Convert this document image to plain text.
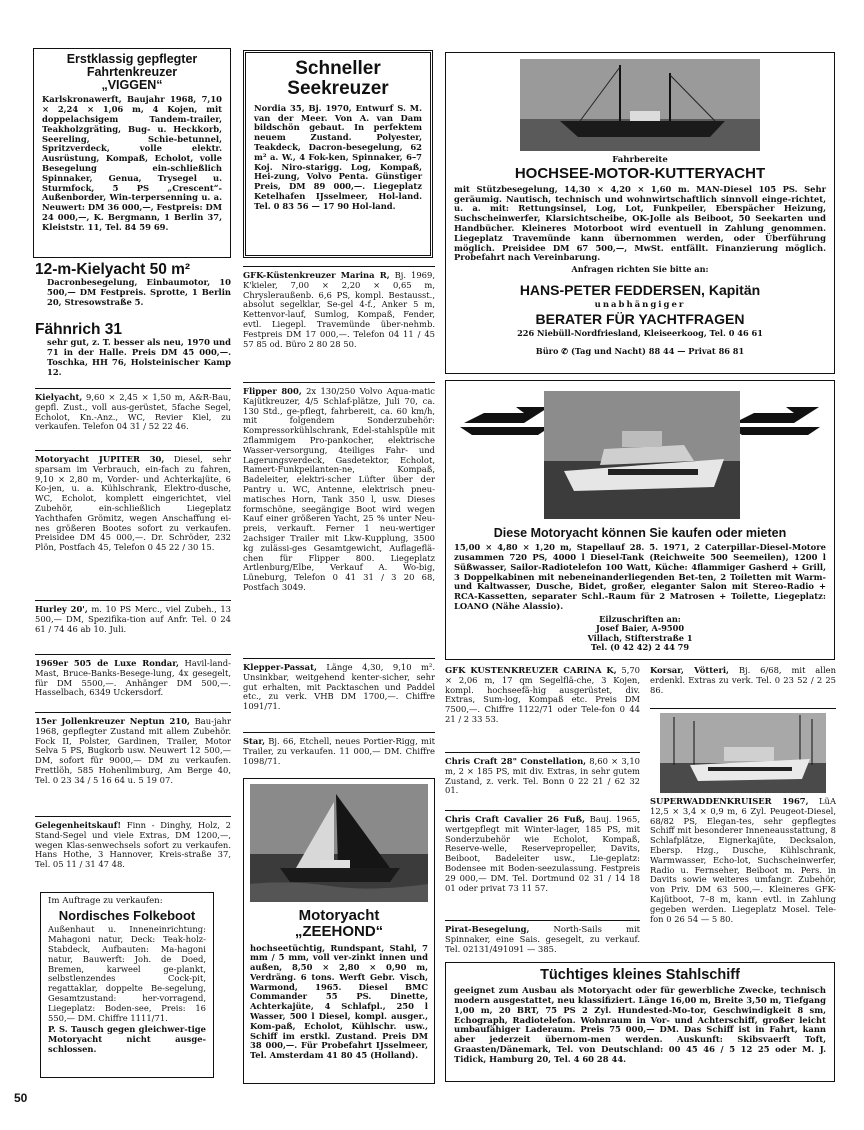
Erstklassig gepflegter

Fahrtenkreuzer

„VIGGEN“

Karlskronawerft, Baujahr 1968, 7,10 × 2,24 × 1,06 m, 4 Kojen, mit doppelachsigem Tandem-trailer, Teakholzgräting, Bug- u. Heckkorb, Seereling, Schie-betunnel, Spritzverdeck, volle elektr. Ausrüstung, Kompaß, Echolot, volle Besegelung ein-schließlich Spinnaker, Genua, Trysegel u. Sturmfock, 5 PS „Crescent“-Außenborder, Win-terpersenning u. a. Neuwert: DM 36 000,—, Festpreis: DM 24 000,—, K. Bergmann, 1 Berlin 37, Kleiststr. 11, Tel. 84 59 69.

12-m-Kielyacht 50 m²

Dacronbesegelung, Einbaumotor, 10 500,— DM Festpreis. Sprotte, 1 Berlin 20, Stresowstraße 5.

Fähnrich 31

sehr gut, z. T. besser als neu, 1970 und 71 in der Halle. Preis DM 45 000,—. Toschka, HH 76, Holsteinischer Kamp 12.

Kielyacht, 9,60 × 2,45 × 1,50 m, A&R-Bau, gepfl. Zust., voll aus-gerüstet, 5fache Segel, Echolot, Kn.-Anz., WC, Revier Kiel, zu verkaufen. Telefon 04 31 / 52 22 46.

Motoryacht JUPITER 30, Diesel, sehr sparsam im Verbrauch, ein-fach zu fahren, 9,10 × 2,80 m, Vorder- und Achterkajüte, 6 Ko-jen, u. a. Kühlschrank, Elektro-dusche, WC, Echolot, komplett eingerichtet, viel Zubehör, ein-schließlich Liegeplatz Yachthafen Grömitz, wegen Anschaffung ei-nes größeren Bootes sofort zu verkaufen. Preisidee DM 45 000,—. Dr. Schröder, 232 Plön, Postfach 45, Telefon 0 45 22 / 30 15.

Hurley 20', m. 10 PS Merc., viel Zubeh., 13 500,— DM, Spezifika-tion auf Anfr. Tel. 0 24 61 / 74 46 ab 10. Juli.

1969er 505 de Luxe Rondar, Havil-land-Mast, Bruce-Banks-Besege-lung, 4x gesegelt, für DM 5500,—. Anhänger DM 500,—. Hasselbach, 6349 Uckersdorf.

15er Jollenkreuzer Neptun 210, Bau-jahr 1968, gepflegter Zustand mit allem Zubehör. Fock II, Polster, Gardinen, Trailer, Motor Selva 5 PS, Bugkorb usw. Neuwert 12 500,— DM, sofort für 9000,— DM zu verkaufen. Frettlöh, 585 Hohenlimburg, Am Berge 40, Tel. 0 23 34 / 5 16 64 u. 5 19 07.

Gelegenheitskauf! Finn - Dinghy, Holz, 2 Stand-Segel und viele Extras, DM 1200,—, wegen Klas-senwechsels sofort zu verkaufen. Hans Hothe, 3 Hannover, Kreis-straße 37, Tel. 05 11 / 31 47 48.

Im Auftrage zu verkaufen:

Nordisches Folkeboot

Außenhaut u. Inneneinrichtung: Mahagoni natur, Deck: Teak-holz-Stabdeck, Aufbauten: Ma-hagoni natur, Bauwerft: Joh. de Doed, Bremen, karweel ge-plankt, selbstlenzendes Cock-pit, regattaklar, doppelte Be-segelung, Gesamtzustand: her-vorragend, Liegeplatz: Boden-see, Preis: 16 550,— DM. Chiffre 1111/71.

P. S. Tausch gegen gleichwer-tige Motoryacht nicht ausge-schlossen.

50

Schneller

Seekreuzer

Nordia 35, Bj. 1970, Entwurf S. M. van der Meer. Von A. van Dam bildschön gebaut. In perfektem neuem Zustand. Polyester, Teakdeck, Dacron-besegelung, 62 m² a. W., 4 Fok-ken, Spinnaker, 6–7 Koj. Niro-starigg. Log, Kompaß, Hei-zung, Volvo Penta. Günstiger Preis, DM 89 000,—. Liegeplatz Ketelhafen IJsselmeer, Hol-land. Tel. 0 83 56 — 17 90 Hol-land.

GFK-Küstenkreuzer Marina R, Bj. 1969, K'kieler, 7,00 × 2,20 × 0,65 m, Chryslerаußenb. 6,6 PS, kompl. Bestausst., absolut segelklar, Se-gel 4-f., Anker 5 m, Kettenvor-lauf, Sumlog, Kompaß, Fender, evtl. Liegepl. Travemünde über-nehmb. Festpreis DM 17 000,—. Telefon 04 11 / 45 57 85 od. Büro 2 80 28 50.

Flipper 800, 2x 130/250 Volvo Aqua-matic Kajütkreuzer, 4/5 Schlaf-plätze, Juli 70, ca. 130 Std., ge-pflegt, fahrbereit, ca. 60 km/h, mit folgendem Sonderzubehör: Kompressorkühlschrank, Edel-stahlspüle mit 2flammigem Pro-pankocher, elektrische Wasser-versorgung, 4teiliges Fahr- und Lagerungsverdeck, Gasdetektor, Echolot, Ramert-Funkpeilanten-ne, Kompaß, Badeleiter, elektri-scher Lüfter über der Pantry u. WC, Antenne, elektrisch pneu-matisches Horn, Tank 350 l, usw. Dieses formschöne, seegängige Boot wird wegen Kauf einer größeren Yacht, 25 % unter Neu-preis, verkauft. Ferner 1 neu-wertiger 2achsiger Trailer mit Lkw-Kupplung, 3500 kg zulässi-ges Gesamtgewicht, Auflageflä-chen für Flipper 800. Liegeplatz Artlenburg/Elbe, Verkauf A. Wo-big, Lüneburg, Telefon 0 41 31 / 3 20 68, Postfach 3049.

Klepper-Passat, Länge 4,30, 9,10 m². Unsinkbar, weitgehend kenter-sicher, sehr gut erhalten, mit Packtaschen und Paddel etc., zu verk. VHB DM 1700,—. Chiffre 1091/71.

Star, Bj. 66, Etchell, neues Portier-Rigg, mit Trailer, zu verkaufen. 11 000,— DM. Chiffre 1098/71.

Motoryacht

„ZEEHOND“

hochseetüchtig, Rundspant, Stahl, 7 mm / 5 mm, voll ver-zinkt innen und außen, 8,50 × 2,80 × 0,90 m, Verdräng. 6 tons. Werft Gebr. Visch, Warmond, 1965. Diesel BMC Commander 55 PS. Dinette, Achterkajüte, 4 Schlafpl., 250 l Wasser, 500 l Diesel, kompl. ausger., Kom-paß, Echolot, Kühlschr. usw., Schiff im erstkl. Zustand. Preis DM 38 000,—. Für Probefahrt IJsselmeer, Tel. Amsterdam 41 80 45 (Holland).

Fahrbereite

HOCHSEE-MOTOR-KUTTERYACHT

mit Stützbesegelung, 14,30 × 4,20 × 1,60 m. MAN-Diesel 105 PS. Sehr geräumig. Nautisch, technisch und wohnwirtschaftlich sinnvoll einge-richtet, u. a. mit: Rettungsinsel, Log, Lot, Funkpeiler, Eberspächer Heizung, Suchscheinwerfer, Klarsichtscheibe, OK-Jolle als Beiboot, 50 Seekarten und Handbücher. Kleineres Motorboot wird eventuell in Zahlung genommen. Liegeplatz Travemünde kann übernommen werden, oder Überführung möglich. Preisidee DM 67 500,—, MwSt. entfällt. Finanzierung möglich. Probefahrt nach Vereinbarung.

Anfragen richten Sie bitte an:

HANS-PETER FEDDERSEN, Kapitän

unabhängiger

BERATER FÜR YACHTFRAGEN

226 Niebüll-Nordfriesland, Kleiseerkoog, Tel. 0 46 61

Büro ✆ (Tag und Nacht) 88 44 — Privat 86 81

Diese Motoryacht können Sie kaufen oder mieten

15,00 × 4,80 × 1,20 m, Stapellauf 28. 5. 1971, 2 Caterpillar-Diesel-Motore zusammen 720 PS, 4000 l Diesel-Tank (Reichweite 500 Seemeilen), 1200 l Süßwasser, Sailor-Radiotelefon 100 Watt, Küche: 4flammiger Gasherd + Grill, 3 Doppelkabinen mit nebeneinanderliegenden Bet-ten, 2 Toiletten mit Warm- und Kaltwasser, Dusche, Bidet, großer, eleganter Salon mit Stereo-Radio + RCA-Kassetten, separater Schl.-Raum für 2 Matrosen + Toilette, Liegeplatz: LOANO (Nähe Alassio).

Eilzuschriften an:

Josef Baier, A-9500

Villach, Stifterstraße 1

Tel. (0 42 42) 2 44 79

GFK KÜSTENKREUZER CARINA K, 5,70 × 2,06 m, 17 qm Segelflä-che, 3 Kojen, kompl. hochseefä-hig ausgerüstet, div. Extras, Sum-log, Kompaß etc. Preis DM 7500,—. Chiffre 1122/71 oder Tele-fon 0 44 21 / 2 33 53.

Chris Craft 28" Constellation, 8,60 × 3,10 m, 2 × 185 PS, mit div. Extras, in sehr gutem Zustand, z. verk. Tel. Bonn 0 22 21 / 62 32 01.

Chris Craft Cavalier 26 Fuß, Bauj. 1965, wertgepflegt mit Winter-lager, 185 PS, mit Sonderzubehör wie Echolot, Kompaß, Reserve-welle, Reservepropeller, Davits, Beiboot, Badeleiter usw., Lie-geplatz: Bodensee mit Boden-seezulassung. Festpreis 29 000,— DM. Tel. Dortmund 02 31 / 14 18 01 oder privat 73 11 57.

Pirat-Besegelung,	North-Sails mit Spinnaker, eine Sais. gesegelt, zu verkauf. Tel. 02131/491091 — 385.

Korsar, Vötteri, Bj. 6/68, mit allen erdenkl. Extras zu verk. Tel. 0 23 52 / 2 25 86.

SUPERWADDENKRUISER 1967, LüA 12,5 × 3,4 × 0,9 m, 6 Zyl. Peugeot-Diesel, 68/82 PS, Elegan-tes, sehr gepflegtes Schiff mit besonderer Inneneausstattung, 8 Schlafplätze, Eignerkajüte, Decksalon, Ebersp. Hzg., Dusche, Kühlschrank, Warmwasser, Echo-lot, Suchscheinwerfer, Radio u. Fernseher, Beiboot m. Pers. in Davits sowie weiteres umfangr. Zubehör, von Priv. DM 63 500,—. Kleineres GFK-Kajütboot, 7–8 m, kann evtl. in Zahlung gegeben werden. Liegeplatz Mosel. Tele-fon 0 26 54 — 5 80.

Tüchtiges kleines Stahlschiff

geeignet zum Ausbau als Motoryacht oder für gewerbliche Zwecke, technisch modern ausgestattet, neu klassifiziert. Länge 16,00 m, Breite 3,50 m, Tiefgang 1,00 m, 20 BRT, 75 PS 2 Zyl. Hundested-Mo-tor, Geschwindigkeit 8 sm, Echograph, Radiotelefon. Wohnraum in Vor- und Achterschiff, großer leicht umbaufähiger Laderaum. Preis 75 000,— DM. Das Schiff ist in Fahrt, kann aber jederzeit übernom-men werden. Auskunft: Skibsvaerft Toft, Graasten/Dänemark, Tel. von Deutschland: 00 45 46 / 5 12 25 oder M. J. Tidick, Hamburg 20, Tel. 4 60 28 44.
